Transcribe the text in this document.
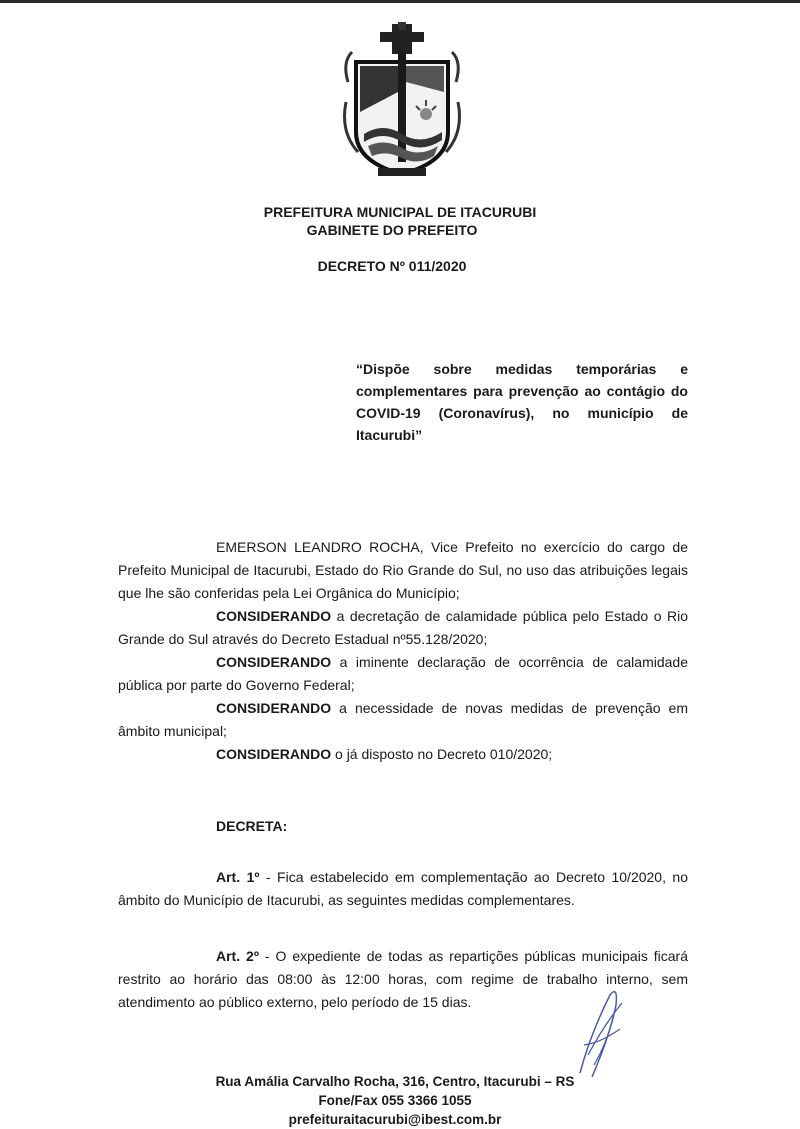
PREFEITURA MUNICIPAL DE ITACURUBI
GABINETE DO PREFEITO
DECRETO Nº 011/2020
“Dispõe sobre medidas temporárias e complementares para prevenção ao contágio do COVID-19 (Coronavírus), no município de Itacurubi”

EMERSON LEANDRO ROCHA, Vice Prefeito no exercício do cargo de Prefeito Municipal de Itacurubi, Estado do Rio Grande do Sul, no uso das atribuições legais que lhe são conferidas pela Lei Orgânica do Município;

CONSIDERANDO a decretação de calamidade pública pelo Estado o Rio Grande do Sul através do Decreto Estadual nº55.128/2020;

CONSIDERANDO a iminente declaração de ocorrência de calamidade pública por parte do Governo Federal;

CONSIDERANDO a necessidade de novas medidas de prevenção em âmbito municipal;

CONSIDERANDO o já disposto no Decreto 010/2020;

DECRETA:

Art. 1º - Fica estabelecido em complementação ao Decreto 10/2020, no âmbito do Município de Itacurubi, as seguintes medidas complementares.

Art. 2º - O expediente de todas as repartições públicas municipais ficará restrito ao horário das 08:00 às 12:00 horas, com regime de trabalho interno, sem atendimento ao público externo, pelo período de 15 dias.

Rua Amália Carvalho Rocha, 316, Centro, Itacurubi – RS
Fone/Fax 055 3366 1055
prefeituraitacurubi@ibest.com.br
